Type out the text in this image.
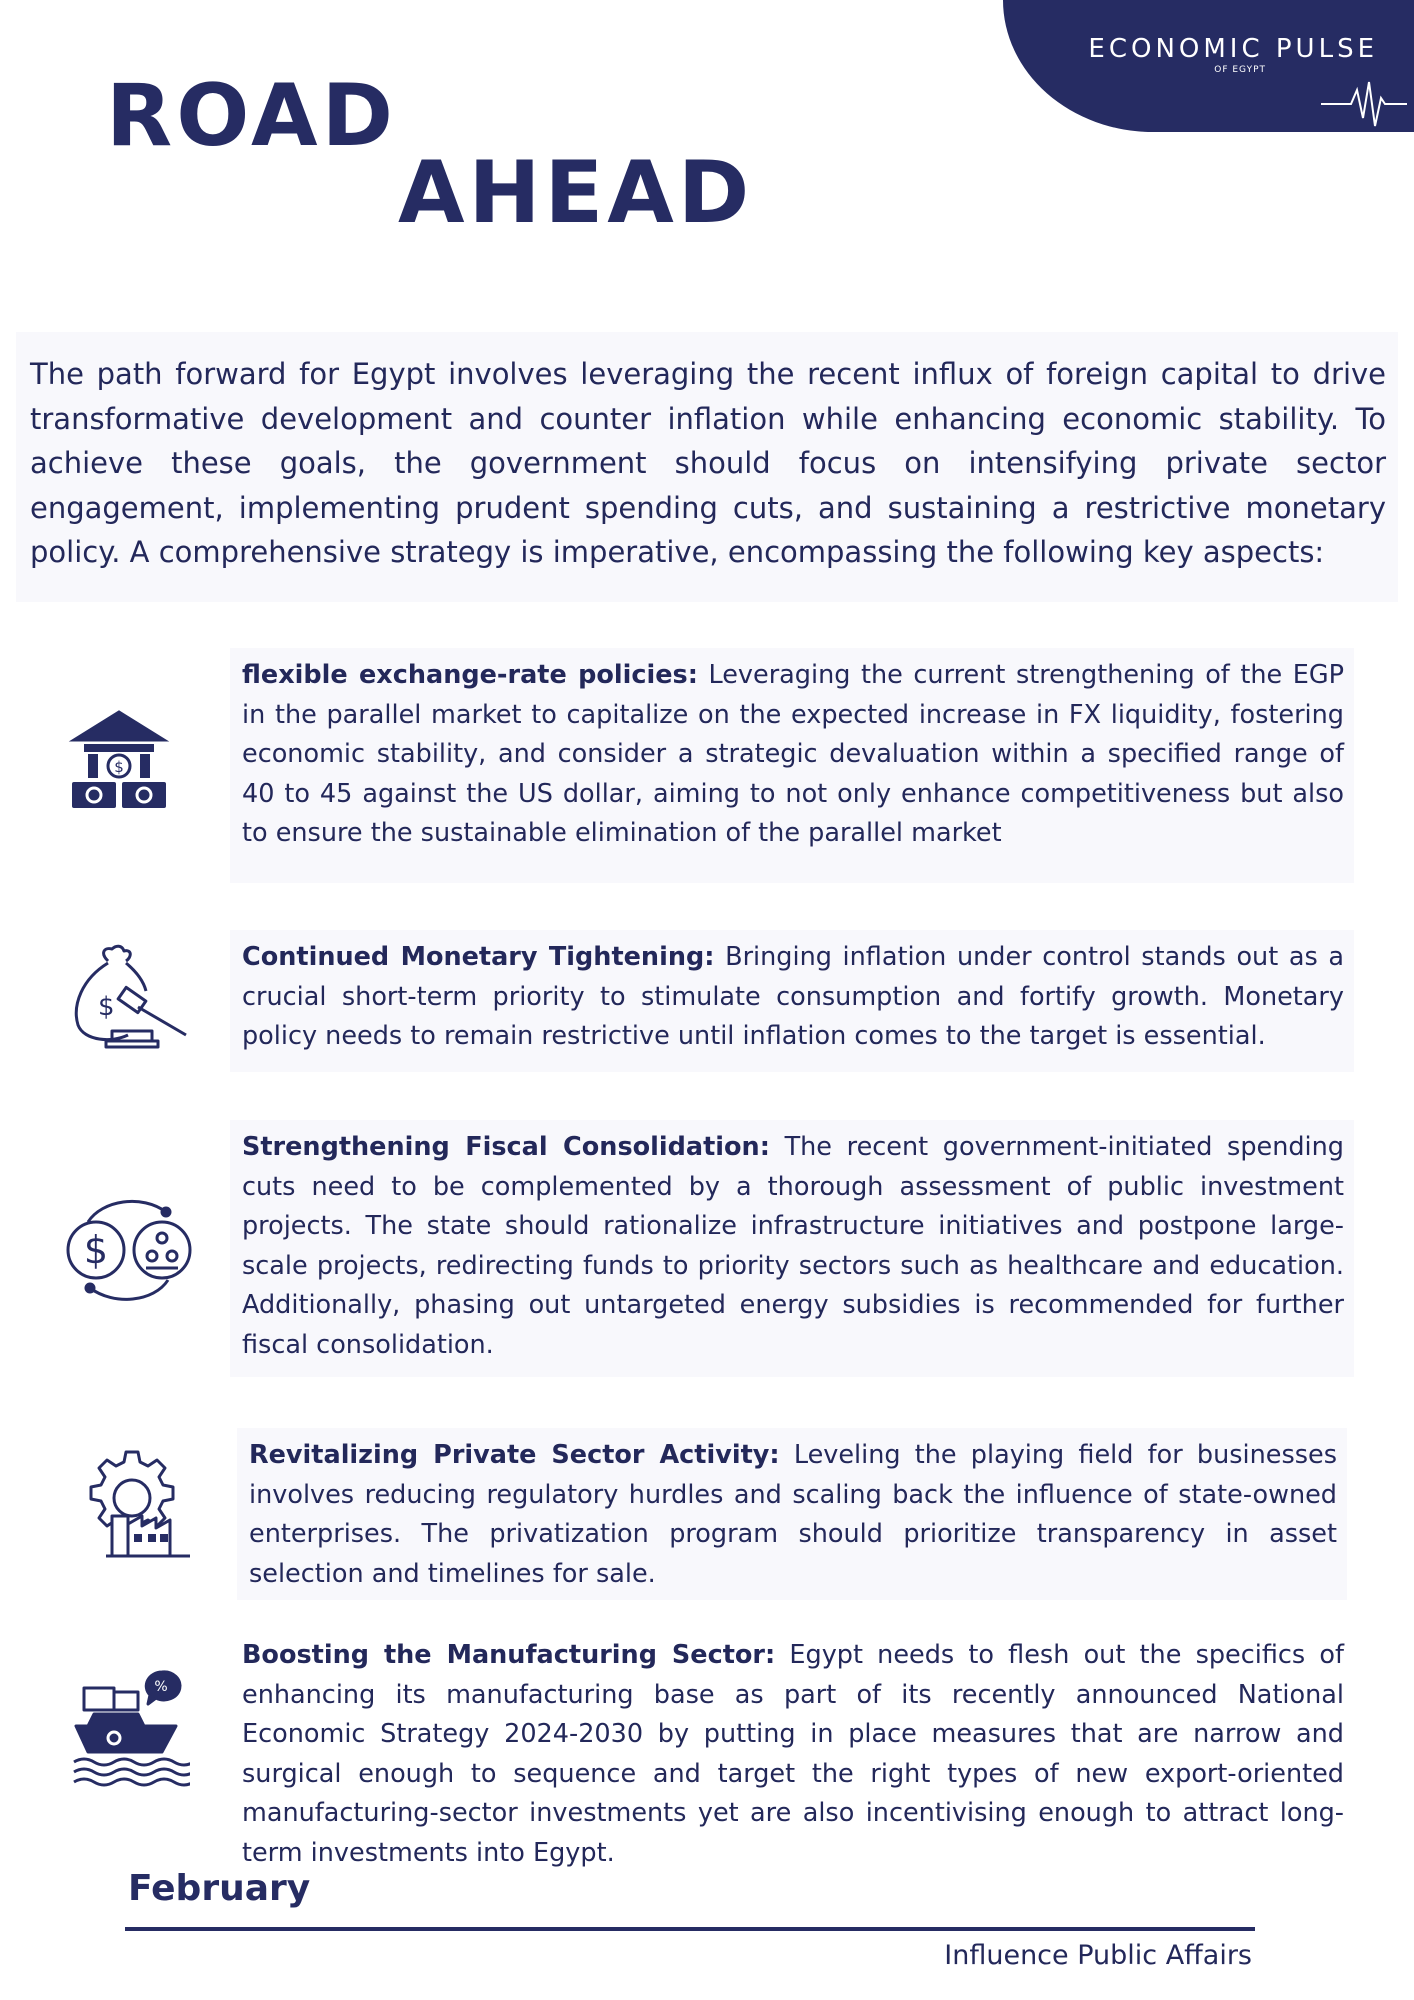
ECONOMIC PULSE
OF EGYPT
ROAD
AHEAD

The path forward for Egypt involves leveraging the recent influx of foreign capital to drive transformative development and counter inflation while enhancing economic stability. To achieve these goals, the government should focus on intensifying private sector engagement, implementing prudent spending cuts, and sustaining a restrictive monetary policy. A comprehensive strategy is imperative, encompassing the following key aspects:

$

flexible exchange-rate policies: Leveraging the current strengthening of the EGP in the parallel market to capitalize on the expected increase in FX liquidity, fostering economic stability, and consider a strategic devaluation within a specified range of 40 to 45 against the US dollar, aiming to not only enhance competitiveness but also to ensure the sustainable elimination of the parallel market

$

Continued Monetary Tightening: Bringing inflation under control stands out as a crucial short-term priority to stimulate consumption and fortify growth. Monetary policy needs to remain restrictive until inflation comes to the target is essential.

$

Strengthening Fiscal Consolidation: The recent government-initiated spending cuts need to be complemented by a thorough assessment of public investment projects. The state should rationalize infrastructure initiatives and postpone large-scale projects, redirecting funds to priority sectors such as healthcare and education. Additionally, phasing out untargeted energy subsidies is recommended for further fiscal consolidation.

Revitalizing Private Sector Activity: Leveling the playing field for businesses involves reducing regulatory hurdles and scaling back the influence of state-owned enterprises. The privatization program should prioritize transparency in asset selection and timelines for sale.

%

Boosting the Manufacturing Sector: Egypt needs to flesh out the specifics of enhancing its manufacturing base as part of its recently announced National Economic Strategy 2024-2030 by putting in place measures that are narrow and surgical enough to sequence and target the right types of new export-oriented manufacturing-sector investments yet are also incentivising enough to attract long-term investments into Egypt.

February
Influence Public Affairs
